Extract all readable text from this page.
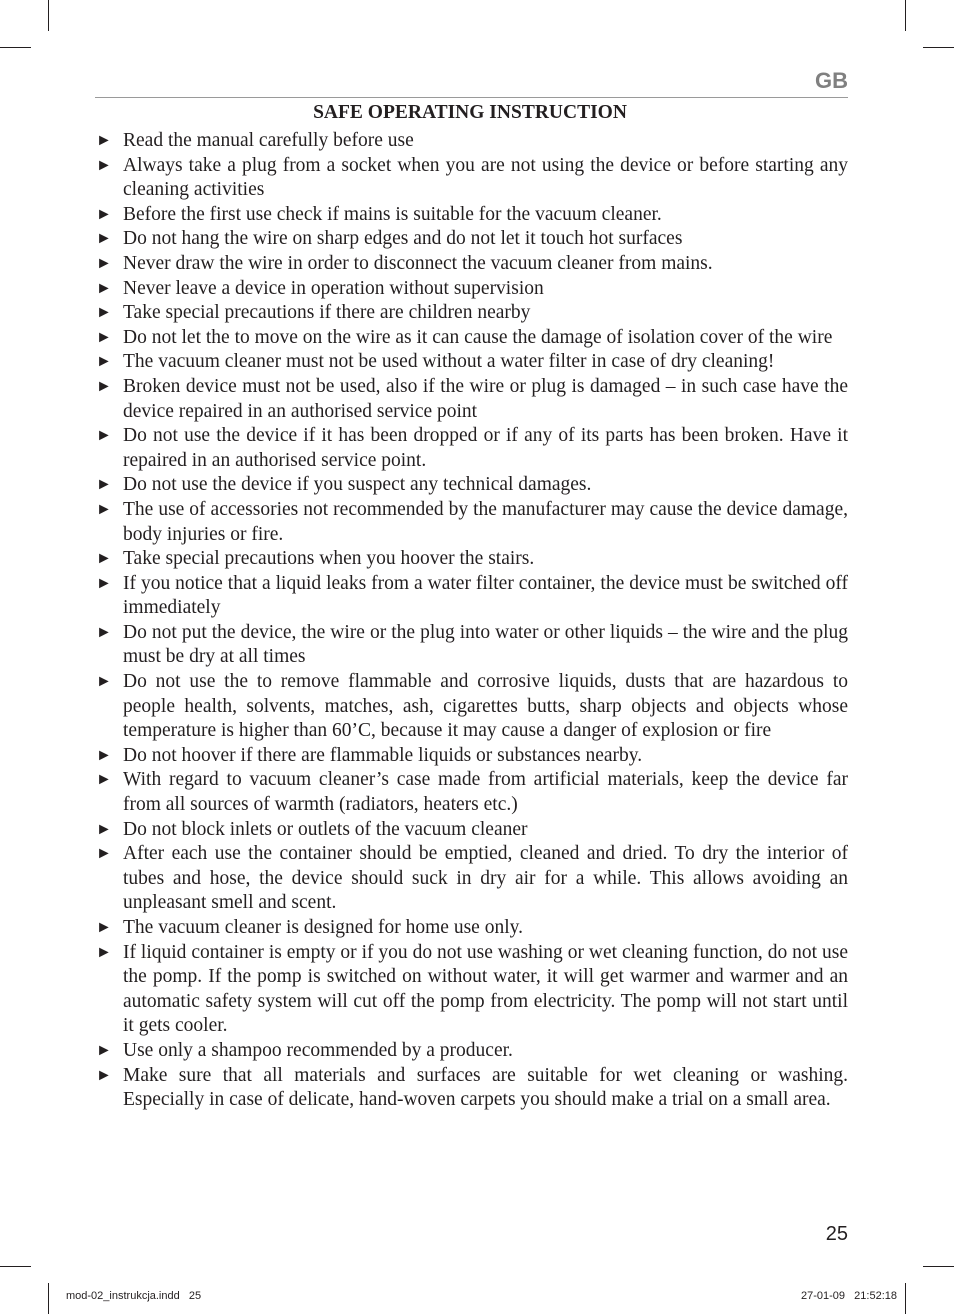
GB
SAFE OPERATING INSTRUCTION
► Read the manual carefully before use
► Always take a plug from a socket when you are not using the device or before starting any cleaning activities
► Before the first use check if mains is suitable for the vacuum cleaner.
► Do not hang the wire on sharp edges and do not let it touch hot surfaces
► Never draw the wire in order to disconnect the vacuum cleaner from mains.
► Never leave a device in operation without supervision
► Take special precautions if there are children nearby
► Do not let the to move on the wire as it can cause the damage of isolation cover of the wire
► The vacuum cleaner must not be used without a water filter in case of dry cleaning!
► Broken device must not be used, also if the wire or plug is damaged – in such case have the device repaired in an authorised service point
► Do not use the device if it has been dropped or if any of its parts has been broken. Have it repaired in an authorised service point.
► Do not use the device if you suspect any technical damages.
► The use of accessories not recommended by the manufacturer may cause the device damage, body injuries or fire.
► Take special precautions when you hoover the stairs.
► If you notice that a liquid leaks from a water filter container, the device must be switched off immediately
► Do not put the device, the wire or the plug into water or other liquids – the wire and the plug must be dry at all times
► Do not use the to remove flammable and corrosive liquids, dusts that are hazardous to people health, solvents, matches, ash, cigarettes butts, sharp objects and objects whose temperature is higher than 60’C, because it may cause a danger of explosion or fire
► Do not hoover if there are flammable liquids or substances nearby.
► With regard to vacuum cleaner’s case made from artificial materials, keep the device far from all sources of warmth (radiators, heaters etc.)
► Do not block inlets or outlets of the vacuum cleaner
► After each use the container should be emptied, cleaned and dried. To dry the interior of tubes and hose, the device should suck in dry air for a while. This allows avoiding an unpleasant smell and scent.
► The vacuum cleaner is designed for home use only.
► If liquid container is empty or if you do not use washing or wet cleaning function, do not use the pomp. If the pomp is switched on without water, it will get warmer and warmer and an automatic safety system will cut off the pomp from electricity. The pomp will not start until it gets cooler.
► Use only a shampoo recommended by a producer.
► Make sure that all materials and surfaces are suitable for wet cleaning or washing. Especially in case of delicate, hand-woven carpets you should make a trial on a small area.
25
mod-02_instrukcja.indd   25	27-01-09   21:52:18
